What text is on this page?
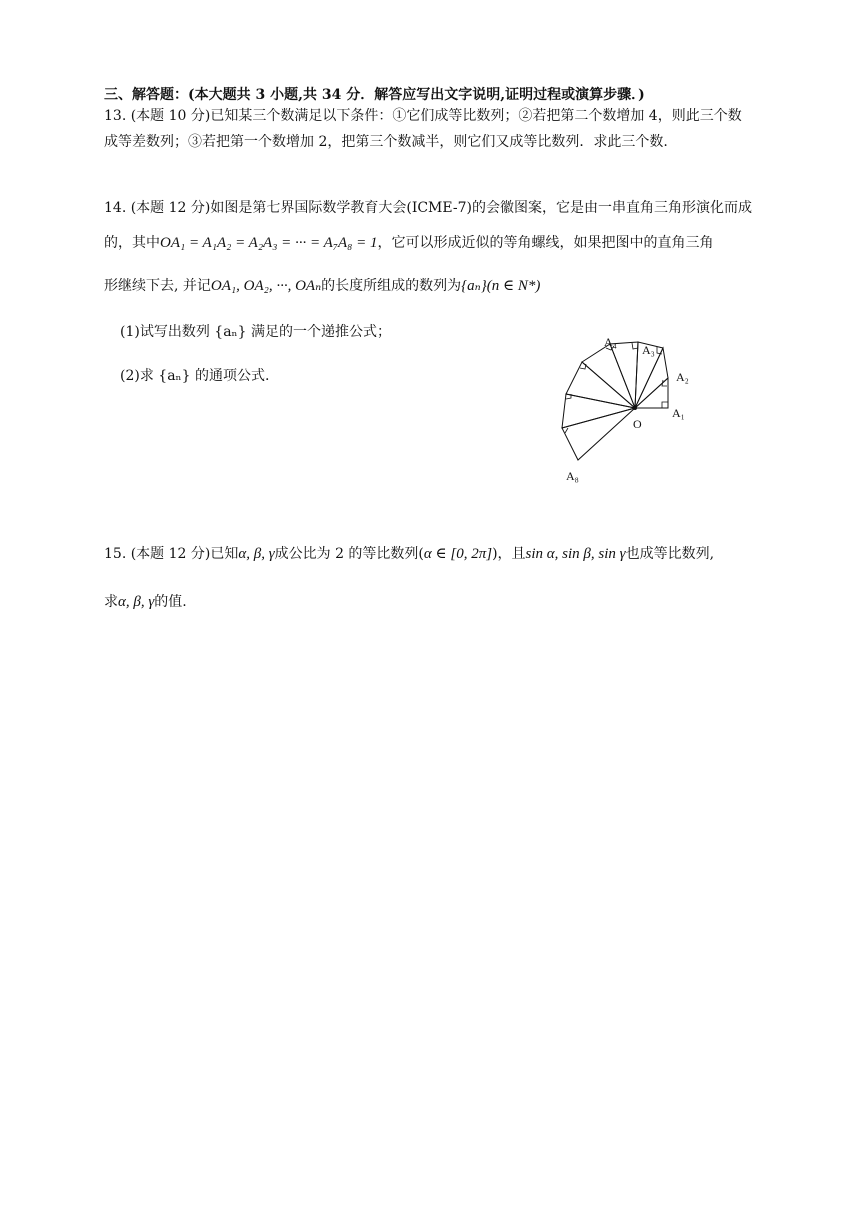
三、解答题：(本大题共 3 小题,共 34 分．解答应写出文字说明,证明过程或演算步骤．)
13. (本题 10 分)已知某三个数满足以下条件：①它们成等比数列；②若把第二个数增加 4，则此三个数
成等差数列；③若把第一个数增加 2，把第三个数减半，则它们又成等比数列．求此三个数.
14. (本题 12 分)如图是第七界国际数学教育大会(ICME-7)的会徽图案，它是由一串直角三角形演化而成
的，其中OA₁ = A₁A₂ = A₂A₃ = ··· = A₇A₈ = 1，它可以形成近似的等角螺线，如果把图中的直角三角
形继续下去, 并记OA₁, OA₂, ···, OAₙ的长度所组成的数列为{aₙ}(n ∈ N*)
(1)试写出数列 {aₙ} 满足的一个递推公式；
(2)求 {aₙ} 的通项公式.
A₄
A₃
A₂
A₁
O
A₈
15. (本题 12 分)已知α, β, γ成公比为 2 的等比数列(α ∈ [0, 2π])，且sin α, sin β, sin γ也成等比数列,
求α, β, γ的值.
